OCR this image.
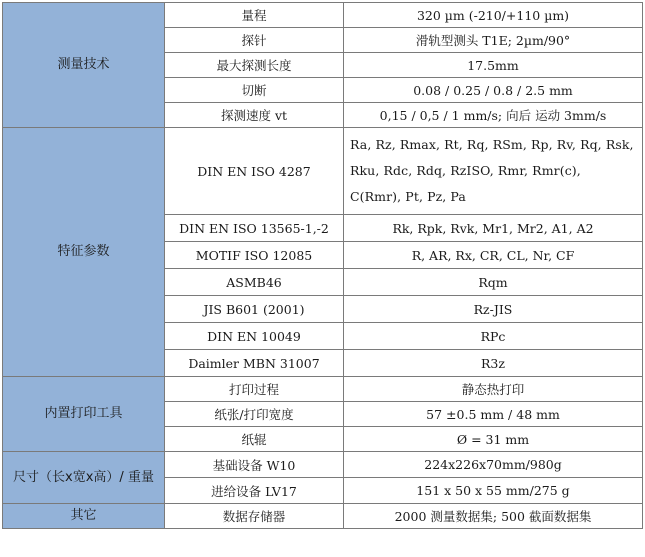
测量技术	量程	320 µm (-210/+110 µm)
	探针	滑轨型测头 T1E; 2µm/90°
	最大探测长度	17.5mm
	切断	0.08 / 0.25 / 0.8 / 2.5 mm
	探测速度 vt	0,15 / 0,5 / 1 mm/s; 向后 运动 3mm/s
特征参数	DIN EN ISO 4287	Ra, Rz, Rmax, Rt, Rq, RSm, Rp, Rv, Rq, Rsk, Rku, Rdc, Rdq, RzISO, Rmr, Rmr(c), C(Rmr), Pt, Pz, Pa
	DIN EN ISO 13565-1,-2	Rk, Rpk, Rvk, Mr1, Mr2, A1, A2
	MOTIF ISO 12085	R, AR, Rx, CR, CL, Nr, CF
	ASMB46	Rqm
	JIS B601 (2001)	Rz-JIS
	DIN EN 10049	RPc
	Daimler MBN 31007	R3z
内置打印工具	打印过程	静态热打印
	纸张/打印宽度	57 ±0.5 mm / 48 mm
	纸辊	Ø = 31 mm
尺寸（长x宽x高）/ 重量	基础设备 W10	224x226x70mm/980g
	进给设备 LV17	151 x 50 x 55 mm/275 g
其它	数据存储器	2000 测量数据集; 500 截面数据集
